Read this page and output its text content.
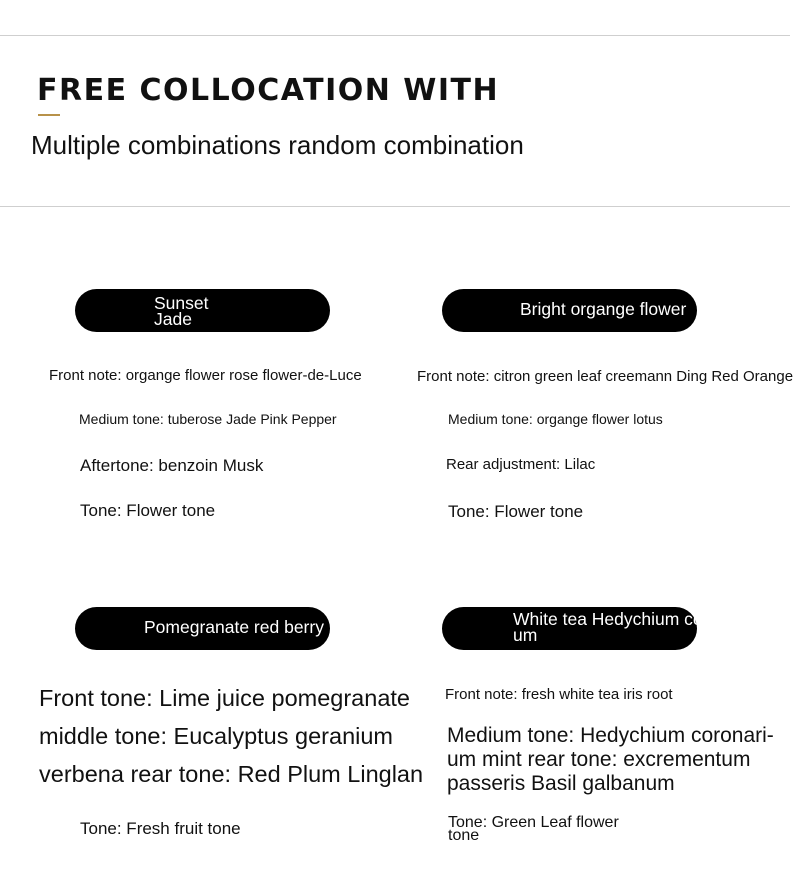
FREE COLLOCATION WITH
Multiple combinations random combination
Sunset
Jade
Front note: organge flower rose flower-de-Luce
Medium tone: tuberose Jade Pink Pepper
Aftertone: benzoin Musk
Tone: Flower tone
Bright organge flower
Front note: citron green leaf creemann Ding Red Orange
Medium tone: organge flower lotus
Rear adjustment: Lilac
Tone: Flower tone
Pomegranate red berry
Front tone: Lime juice pomegranate middle tone: Eucalyptus geranium verbena rear tone: Red Plum Linglan
Tone: Fresh fruit tone
White tea Hedychium coronari
um
Front note: fresh white tea iris root
Medium tone: Hedychium coronari-um mint rear tone: excrementum passeris Basil galbanum
Tone: Green Leaf flower tone
